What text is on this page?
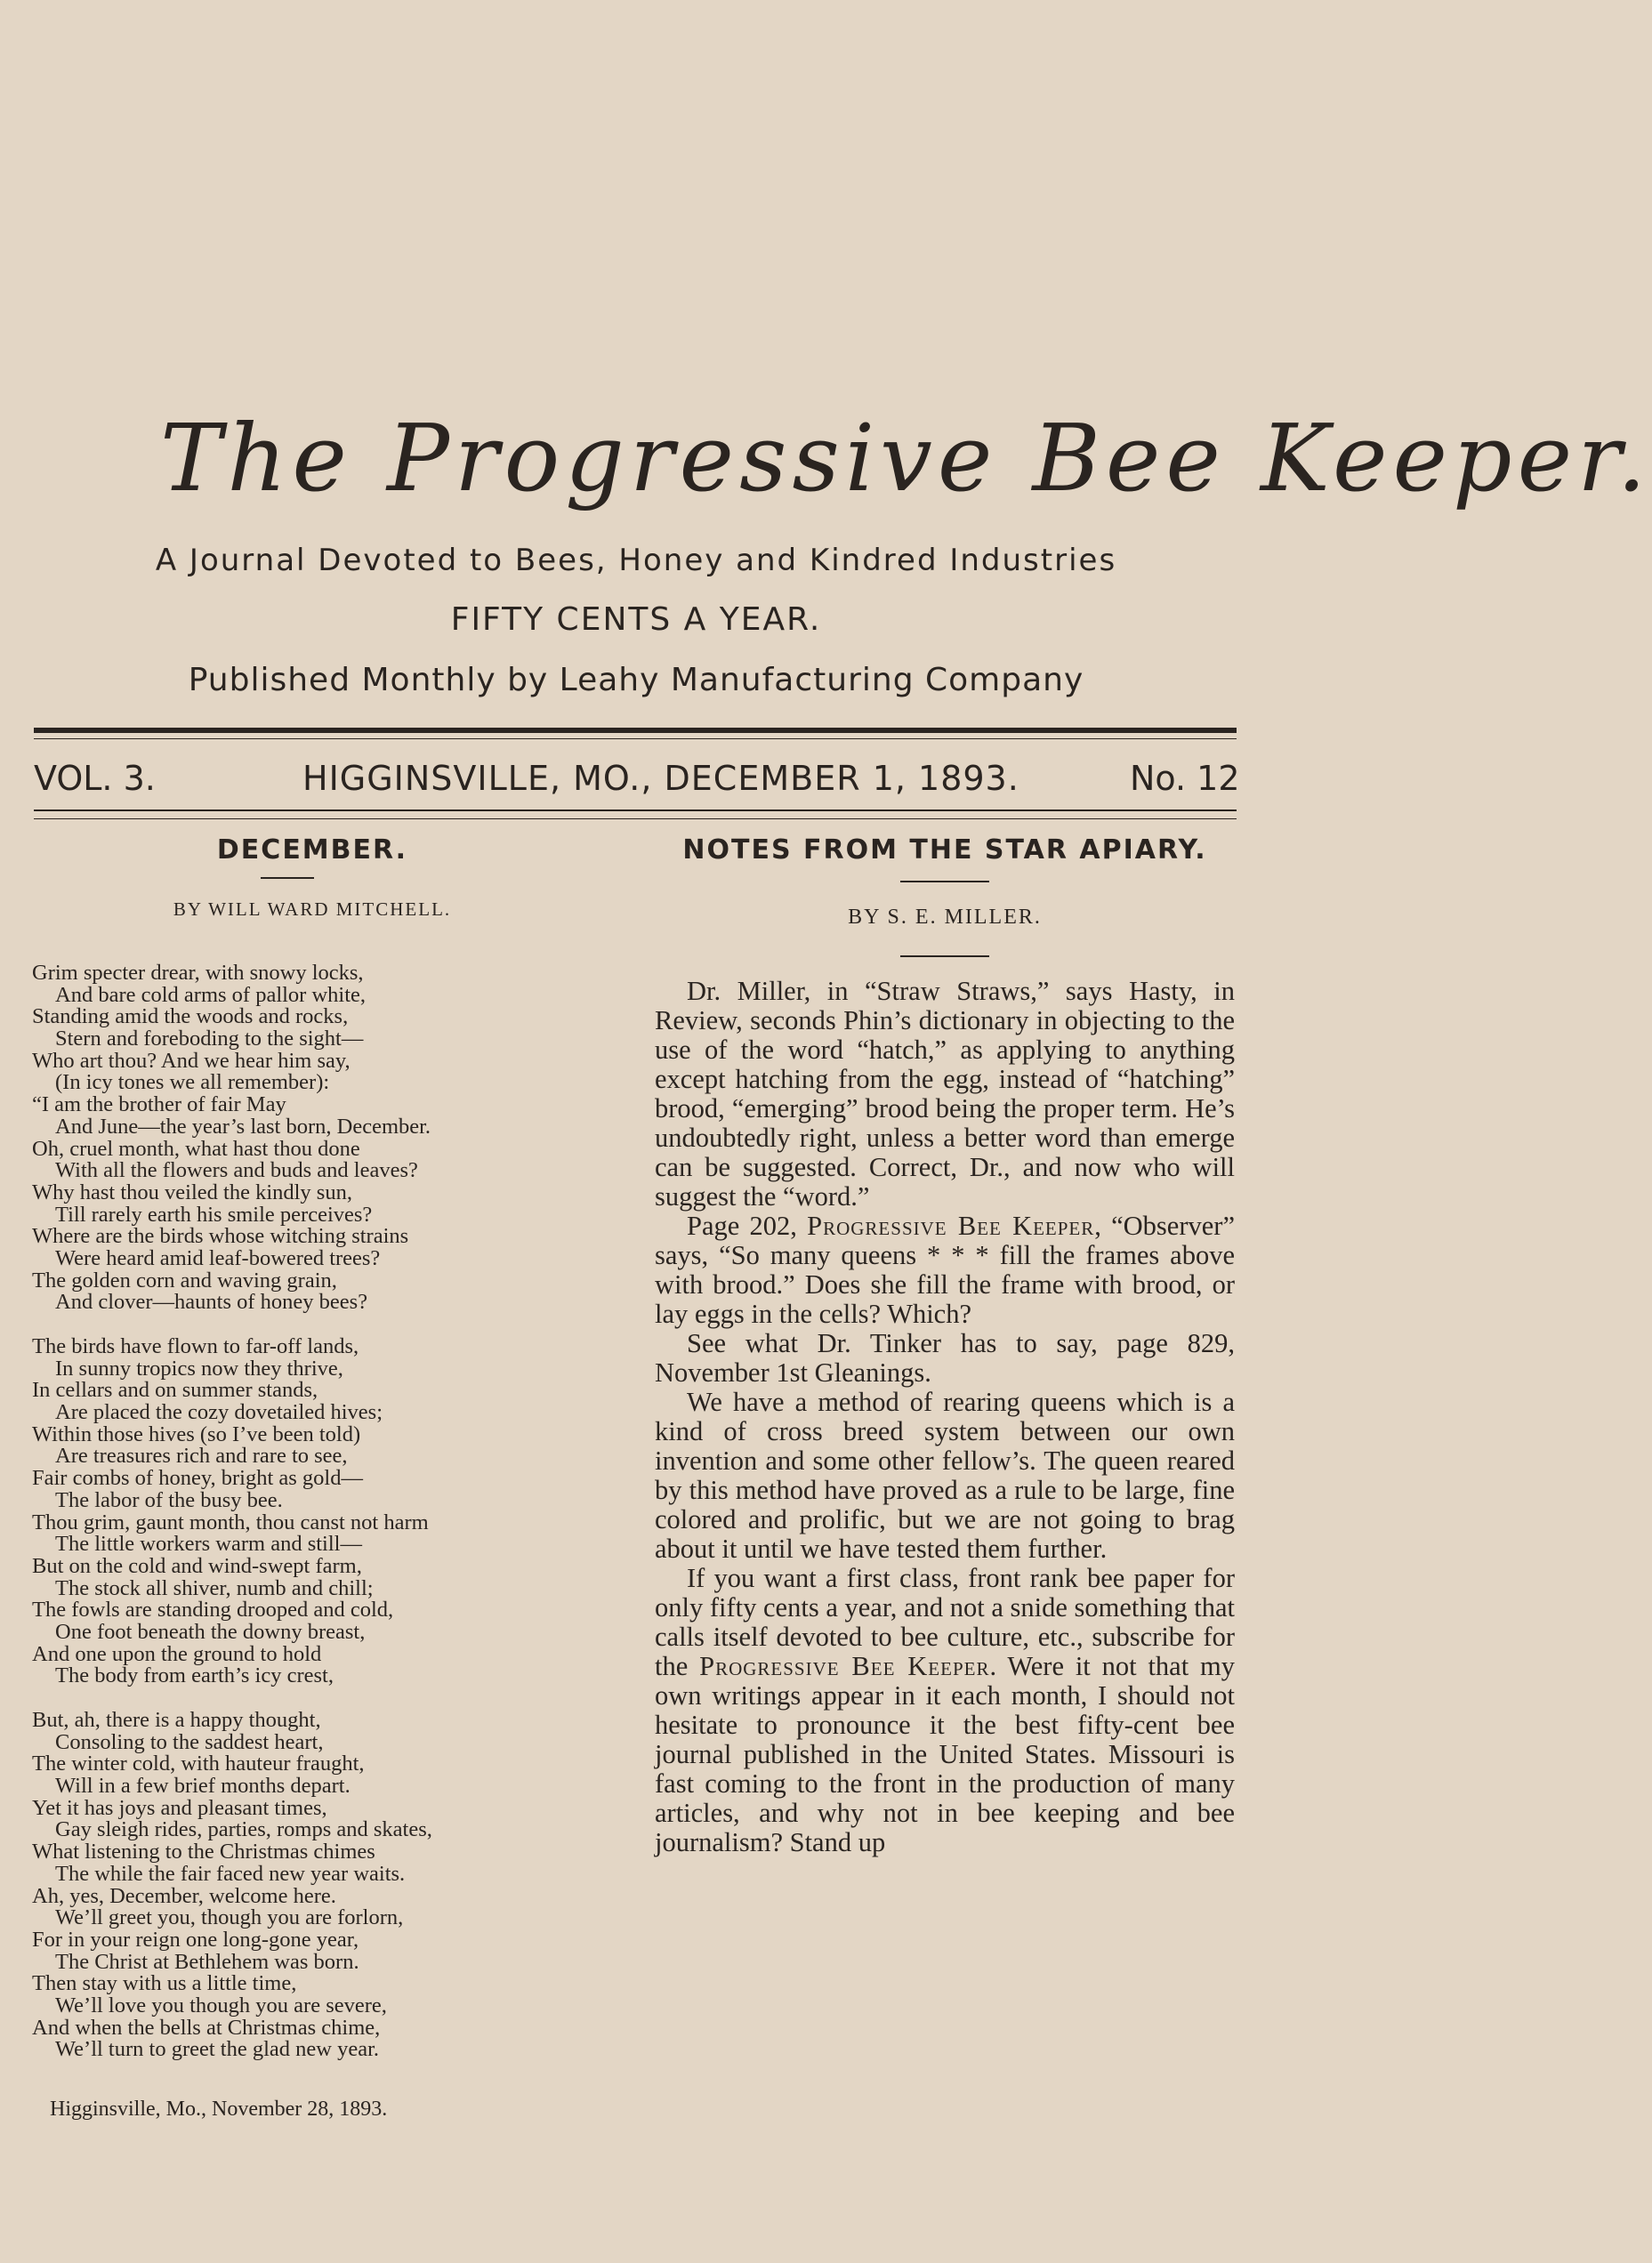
The Progressive Bee Keeper.
A Journal Devoted to Bees, Honey and Kindred Industries
FIFTY CENTS A YEAR.
Published Monthly by Leahy Manufacturing Company
VOL. 3.	HIGGINSVILLE, MO., DECEMBER 1, 1893.	No. 12
DECEMBER.
BY WILL WARD MITCHELL.
Grim specter drear, with snowy locks,
And bare cold arms of pallor white,
Standing amid the woods and rocks,
Stern and foreboding to the sight—
Who art thou? And we hear him say,
(In icy tones we all remember):
“I am the brother of fair May
And June—the year’s last born, December.
Oh, cruel month, what hast thou done
With all the flowers and buds and leaves?
Why hast thou veiled the kindly sun,
Till rarely earth his smile perceives?
Where are the birds whose witching strains
Were heard amid leaf-bowered trees?
The golden corn and waving grain,
And clover—haunts of honey bees?
The birds have flown to far-off lands,
In sunny tropics now they thrive,
In cellars and on summer stands,
Are placed the cozy dovetailed hives;
Within those hives (so I’ve been told)
Are treasures rich and rare to see,
Fair combs of honey, bright as gold—
The labor of the busy bee.
Thou grim, gaunt month, thou canst not harm
The little workers warm and still—
But on the cold and wind-swept farm,
The stock all shiver, numb and chill;
The fowls are standing drooped and cold,
One foot beneath the downy breast,
And one upon the ground to hold
The body from earth’s icy crest,
But, ah, there is a happy thought,
Consoling to the saddest heart,
The winter cold, with hauteur fraught,
Will in a few brief months depart.
Yet it has joys and pleasant times,
Gay sleigh rides, parties, romps and skates,
What listening to the Christmas chimes
The while the fair faced new year waits.
Ah, yes, December, welcome here.
We’ll greet you, though you are forlorn,
For in your reign one long-gone year,
The Christ at Bethlehem was born.
Then stay with us a little time,
We’ll love you though you are severe,
And when the bells at Christmas chime,
We’ll turn to greet the glad new year.
Higginsville, Mo., November 28, 1893.
NOTES FROM THE STAR APIARY.
BY S. E. MILLER.

Dr. Miller, in “Straw Straws,” says Hasty, in Review, seconds Phin’s dictionary in objecting to the use of the word “hatch,” as applying to anything except hatching from the egg, instead of “hatching” brood, “emerging” brood being the proper term. He’s undoubtedly right, unless a better word than emerge can be suggested. Correct, Dr., and now who will suggest the “word.”

Page 202, Progressive Bee Keeper, “Observer” says, “So many queens * * * fill the frames above with brood.” Does she fill the frame with brood, or lay eggs in the cells? Which?

See what Dr. Tinker has to say, page 829, November 1st Gleanings.

We have a method of rearing queens which is a kind of cross breed system between our own invention and some other fellow’s. The queen reared by this method have proved as a rule to be large, fine colored and prolific, but we are not going to brag about it until we have tested them further.

If you want a first class, front rank bee paper for only fifty cents a year, and not a snide something that calls itself devoted to bee culture, etc., subscribe for the Progressive Bee Keeper. Were it not that my own writings appear in it each month, I should not hesitate to pronounce it the best fifty-cent bee journal published in the United States. Missouri is fast coming to the front in the production of many articles, and why not in bee keeping and bee journalism? Stand up
